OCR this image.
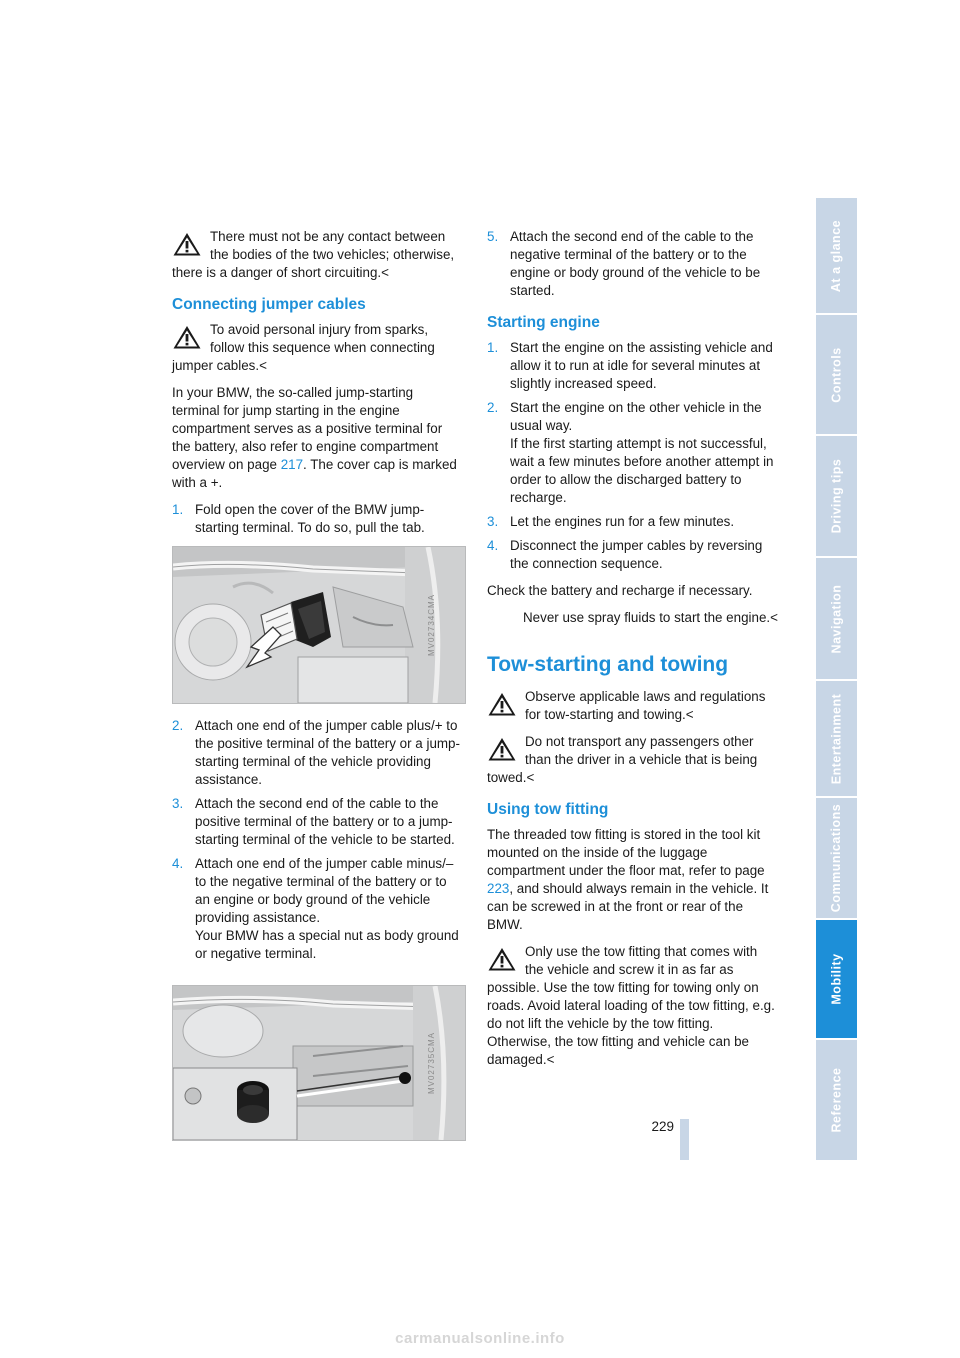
There must not be any contact between the bodies of the two vehicles; otherwise, there is a danger of short circuiting.<
Connecting jumper cables
To avoid personal injury from sparks, follow this sequence when connecting jumper cables.<

In your BMW, the so-called jump-starting terminal for jump starting in the engine compartment serves as a positive terminal for the battery, also refer to engine compartment overview on page 217. The cover cap is marked with a +.

1. Fold open the cover of the BMW jump-starting terminal. To do so, pull the tab.
MV02734CMA
2. Attach one end of the jumper cable plus/+ to the positive terminal of the battery or a jump-starting terminal of the vehicle providing assistance.
3. Attach the second end of the cable to the positive terminal of the battery or to a jump-starting terminal of the vehicle to be started.
4. Attach one end of the jumper cable minus/– to the negative terminal of the battery or to an engine or body ground of the vehicle providing assistance.
Your BMW has a special nut as body ground or negative terminal.
MV02735CMA
5. Attach the second end of the cable to the negative terminal of the battery or to the engine or body ground of the vehicle to be started.
Starting engine
1. Start the engine on the assisting vehicle and allow it to run at idle for several minutes at slightly increased speed.
2. Start the engine on the other vehicle in the usual way.
If the first starting attempt is not successful, wait a few minutes before another attempt in order to allow the discharged battery to recharge.
3. Let the engines run for a few minutes.
4. Disconnect the jumper cables by reversing the connection sequence.

Check the battery and recharge if necessary.

Never use spray fluids to start the engine.<
Tow-starting and towing
Observe applicable laws and regulations for tow-starting and towing.<
Do not transport any passengers other than the driver in a vehicle that is being towed.<
Using tow fitting

The threaded tow fitting is stored in the tool kit mounted on the inside of the luggage compartment under the floor mat, refer to page 223, and should always remain in the vehicle. It can be screwed in at the front or rear of the BMW.

Only use the tow fitting that comes with the vehicle and screw it in as far as possible. Use the tow fitting for towing only on roads. Avoid lateral loading of the tow fitting, e.g. do not lift the vehicle by the tow fitting. Otherwise, the tow fitting and vehicle can be damaged.<
At a glance
Controls
Driving tips
Navigation
Entertainment
Communications
Mobility
Reference
229
carmanualsonline.info
